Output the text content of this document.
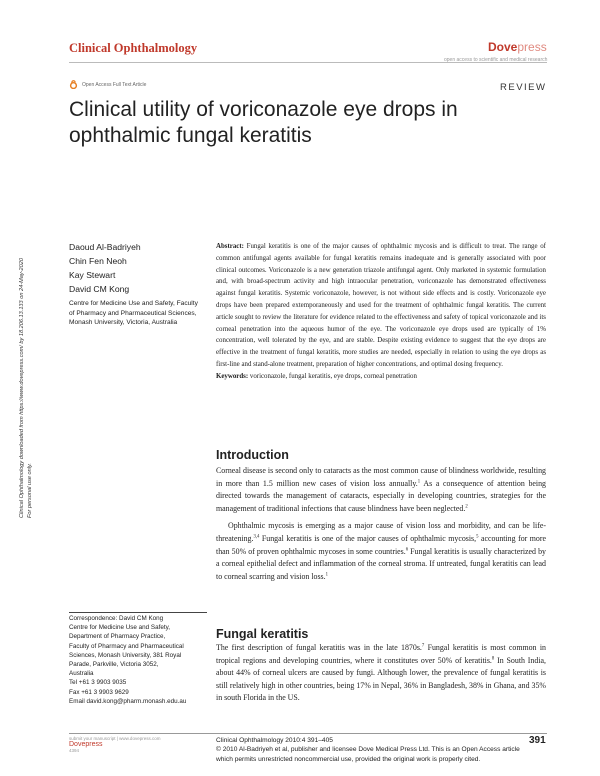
Clinical Ophthalmology	Dovepress
open access to scientific and medical research
Open Access Full Text Article	REVIEW
Clinical utility of voriconazole eye drops in ophthalmic fungal keratitis
Clinical Ophthalmology downloaded from https://www.dovepress.com/ by 18.206.13.133 on 24-May-2020 For personal use only.
Daoud Al-Badriyeh
Chin Fen Neoh
Kay Stewart
David CM Kong
Centre for Medicine Use and Safety, Faculty of Pharmacy and Pharmaceutical Sciences, Monash University, Victoria, Australia
Abstract: Fungal keratitis is one of the major causes of ophthalmic mycosis and is difficult to treat. The range of common antifungal agents available for fungal keratitis remains inadequate and is generally associated with poor clinical outcomes. Voriconazole is a new generation triazole antifungal agent. Only marketed in systemic formulation and, with broad-spectrum activity and high intraocular penetration, voriconazole has demonstrated effectiveness against fungal keratitis. Systemic voriconazole, however, is not without side effects and is costly. Voriconazole eye drops have been prepared extemporaneously and used for the treatment of ophthalmic fungal keratitis. The current article sought to review the literature for evidence related to the effectiveness and safety of topical voriconazole and its corneal penetration into the aqueous humor of the eye. The voriconazole eye drops used are typically of 1% concentration, well tolerated by the eye, and are stable. Despite existing evidence to suggest that the eye drops are effective in the treatment of fungal keratitis, more studies are needed, especially in relation to using the eye drops as first-line and stand-alone treatment, preparation of higher concentrations, and optimal dosing frequency.
Keywords: voriconazole, fungal keratitis, eye drops, corneal penetration
Introduction

Corneal disease is second only to cataracts as the most common cause of blindness worldwide, resulting in more than 1.5 million new cases of vision loss annually.$^1$ As a consequence of attention being directed towards the management of cataracts, especially in developing countries, strategies for the management of traditional infections that cause blindness have been neglected.$^2$

Ophthalmic mycosis is emerging as a major cause of vision loss and morbidity, and can be life-threatening.$^{3,4}$ Fungal keratitis is one of the major causes of ophthalmic mycosis,$^5$ accounting for more than 50% of proven ophthalmic mycoses in some countries.$^6$ Fungal keratitis is usually characterized by a corneal epithelial defect and inflammation of the corneal stroma. If untreated, fungal keratitis can lead to corneal scarring and vision loss.$^1$

Fungal keratitis

The first description of fungal keratitis was in the late 1870s.$^7$ Fungal keratitis is most common in tropical regions and developing countries, where it constitutes over 50% of keratitis.$^8$ In South India, about 44% of corneal ulcers are caused by fungi. Although lower, the prevalence of fungal keratitis is still relatively high in other countries, being 17% in Nepal, 36% in Bangladesh, 38% in Ghana, and 35% in south Florida in the US.

Correspondence: David CM Kong
Centre for Medicine Use and Safety,
Department of Pharmacy Practice,
Faculty of Pharmacy and Pharmaceutical
Sciences, Monash University, 381 Royal
Parade, Parkville, Victoria 3052,
Australia
Tel +61 3 9903 9035
Fax +61 3 9903 9629
Email david.kong@pharm.monash.edu.au
submit your manuscript | www.dovepress.com
Dovepress
4394
Clinical Ophthalmology 2010:4 391–405
© 2010 Al-Badriyeh et al, publisher and licensee Dove Medical Press Ltd. This is an Open Access article which permits unrestricted noncommercial use, provided the original work is properly cited.
391
